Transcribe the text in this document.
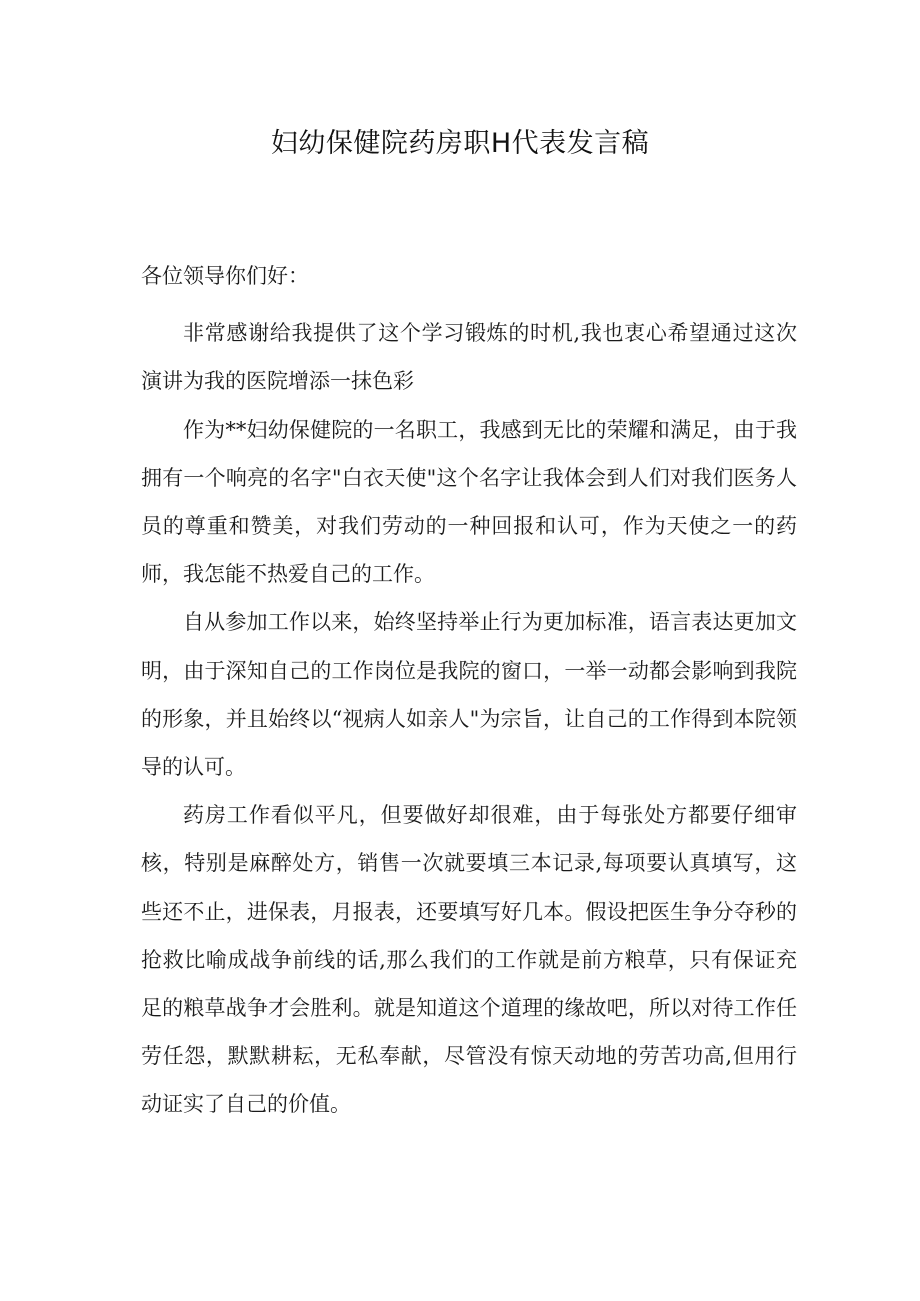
妇幼保健院药房职H代表发言稿

各位领导你们好：

非常感谢给我提供了这个学习锻炼的时机,我也衷心希望通过这次演讲为我的医院增添一抹色彩

作为**妇幼保健院的一名职工，我感到无比的荣耀和满足，由于我拥有一个响亮的名字"白衣天使"这个名字让我体会到人们对我们医务人员的尊重和赞美，对我们劳动的一种回报和认可，作为天使之一的药师，我怎能不热爱自己的工作。

自从参加工作以来，始终坚持举止行为更加标准，语言表达更加文明，由于深知自己的工作岗位是我院的窗口，一举一动都会影响到我院的形象，并且始终以“视病人如亲人"为宗旨，让自己的工作得到本院领导的认可。

药房工作看似平凡，但要做好却很难，由于每张处方都要仔细审核，特别是麻醉处方，销售一次就要填三本记录,每项要认真填写，这些还不止，进保表，月报表，还要填写好几本。假设把医生争分夺秒的抢救比喻成战争前线的话,那么我们的工作就是前方粮草，只有保证充足的粮草战争才会胜利。就是知道这个道理的缘故吧，所以对待工作任劳任怨，默默耕耘，无私奉献，尽管没有惊天动地的劳苦功高,但用行动证实了自己的价值。
